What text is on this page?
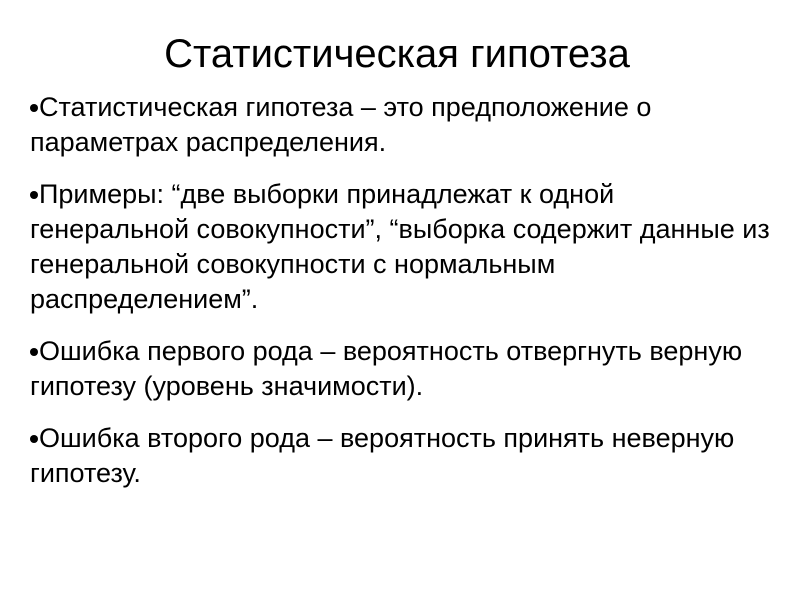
Статистическая гипотеза
Статистическая гипотеза – это предположение о параметрах распределения.
Примеры: “две выборки принадлежат к одной генеральной совокупности”, “выборка содержит данные из генеральной совокупности с нормальным распределением”.
Ошибка первого рода – вероятность отвергнуть верную гипотезу (уровень значимости).
Ошибка второго рода – вероятность принять неверную гипотезу.
